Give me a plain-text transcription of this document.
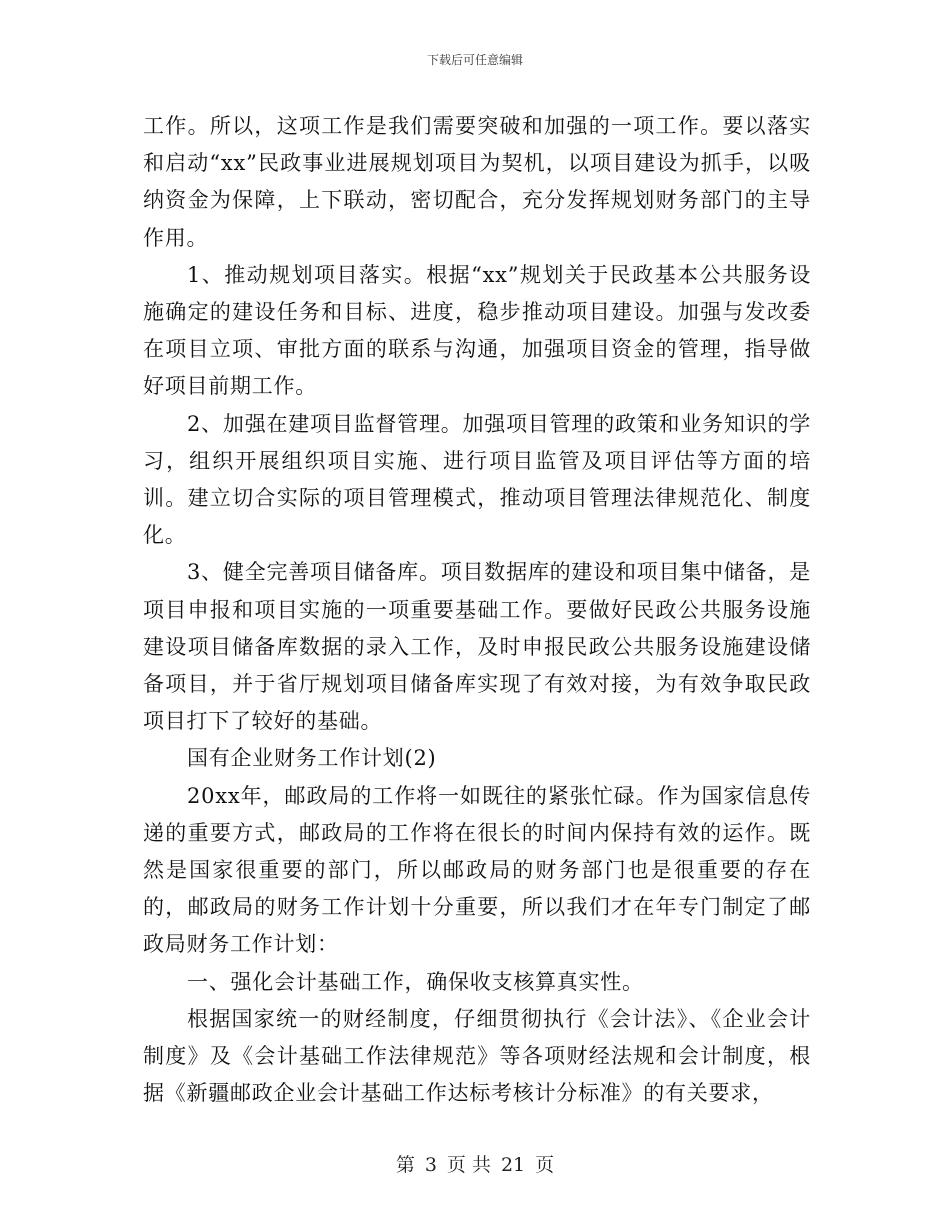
下载后可任意编辑

工作。所以，这项工作是我们需要突破和加强的一项工作。要以落实和启动“xx”民政事业进展规划项目为契机，以项目建设为抓手，以吸纳资金为保障，上下联动，密切配合，充分发挥规划财务部门的主导作用。

1、推动规划项目落实。根据“xx”规划关于民政基本公共服务设施确定的建设任务和目标、进度，稳步推动项目建设。加强与发改委在项目立项、审批方面的联系与沟通，加强项目资金的管理，指导做好项目前期工作。

2、加强在建项目监督管理。加强项目管理的政策和业务知识的学习，组织开展组织项目实施、进行项目监管及项目评估等方面的培训。建立切合实际的项目管理模式，推动项目管理法律规范化、制度化。

3、健全完善项目储备库。项目数据库的建设和项目集中储备，是项目申报和项目实施的一项重要基础工作。要做好民政公共服务设施建设项目储备库数据的录入工作，及时申报民政公共服务设施建设储备项目，并于省厅规划项目储备库实现了有效对接，为有效争取民政项目打下了较好的基础。

国有企业财务工作计划(2)

20xx年，邮政局的工作将一如既往的紧张忙碌。作为国家信息传递的重要方式，邮政局的工作将在很长的时间内保持有效的运作。既然是国家很重要的部门，所以邮政局的财务部门也是很重要的存在的，邮政局的财务工作计划十分重要，所以我们才在年专门制定了邮政局财务工作计划：

一、强化会计基础工作，确保收支核算真实性。

根据国家统一的财经制度，仔细贯彻执行《会计法》、《企业会计制度》及《会计基础工作法律规范》等各项财经法规和会计制度，根据《新疆邮政企业会计基础工作达标考核计分标准》的有关要求，

第 3 页 共 21 页
